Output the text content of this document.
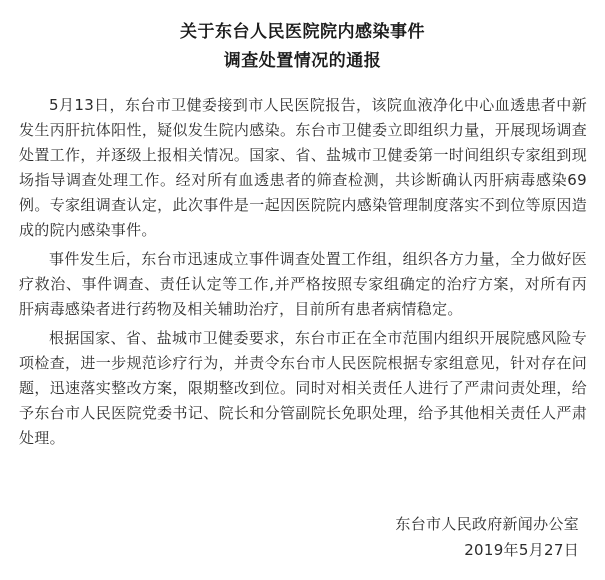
关于东台人民医院院内感染事件
调查处置情况的通报

5月13日，东台市卫健委接到市人民医院报告，该院血液净化中心血透患者中新发生丙肝抗体阳性，疑似发生院内感染。东台市卫健委立即组织力量，开展现场调查处置工作，并逐级上报相关情况。国家、省、盐城市卫健委第一时间组织专家组到现场指导调查处理工作。经对所有血透患者的筛查检测，共诊断确认丙肝病毒感染69例。专家组调查认定，此次事件是一起因医院院内感染管理制度落实不到位等原因造成的院内感染事件。

事件发生后，东台市迅速成立事件调查处置工作组，组织各方力量，全力做好医疗救治、事件调查、责任认定等工作,并严格按照专家组确定的治疗方案，对所有丙肝病毒感染者进行药物及相关辅助治疗，目前所有患者病情稳定。

根据国家、省、盐城市卫健委要求，东台市正在全市范围内组织开展院感风险专项检查，进一步规范诊疗行为，并责令东台市人民医院根据专家组意见，针对存在问题，迅速落实整改方案，限期整改到位。同时对相关责任人进行了严肃问责处理，给予东台市人民医院党委书记、院长和分管副院长免职处理，给予其他相关责任人严肃处理。

东台市人民政府新闻办公室
2019年5月27日
